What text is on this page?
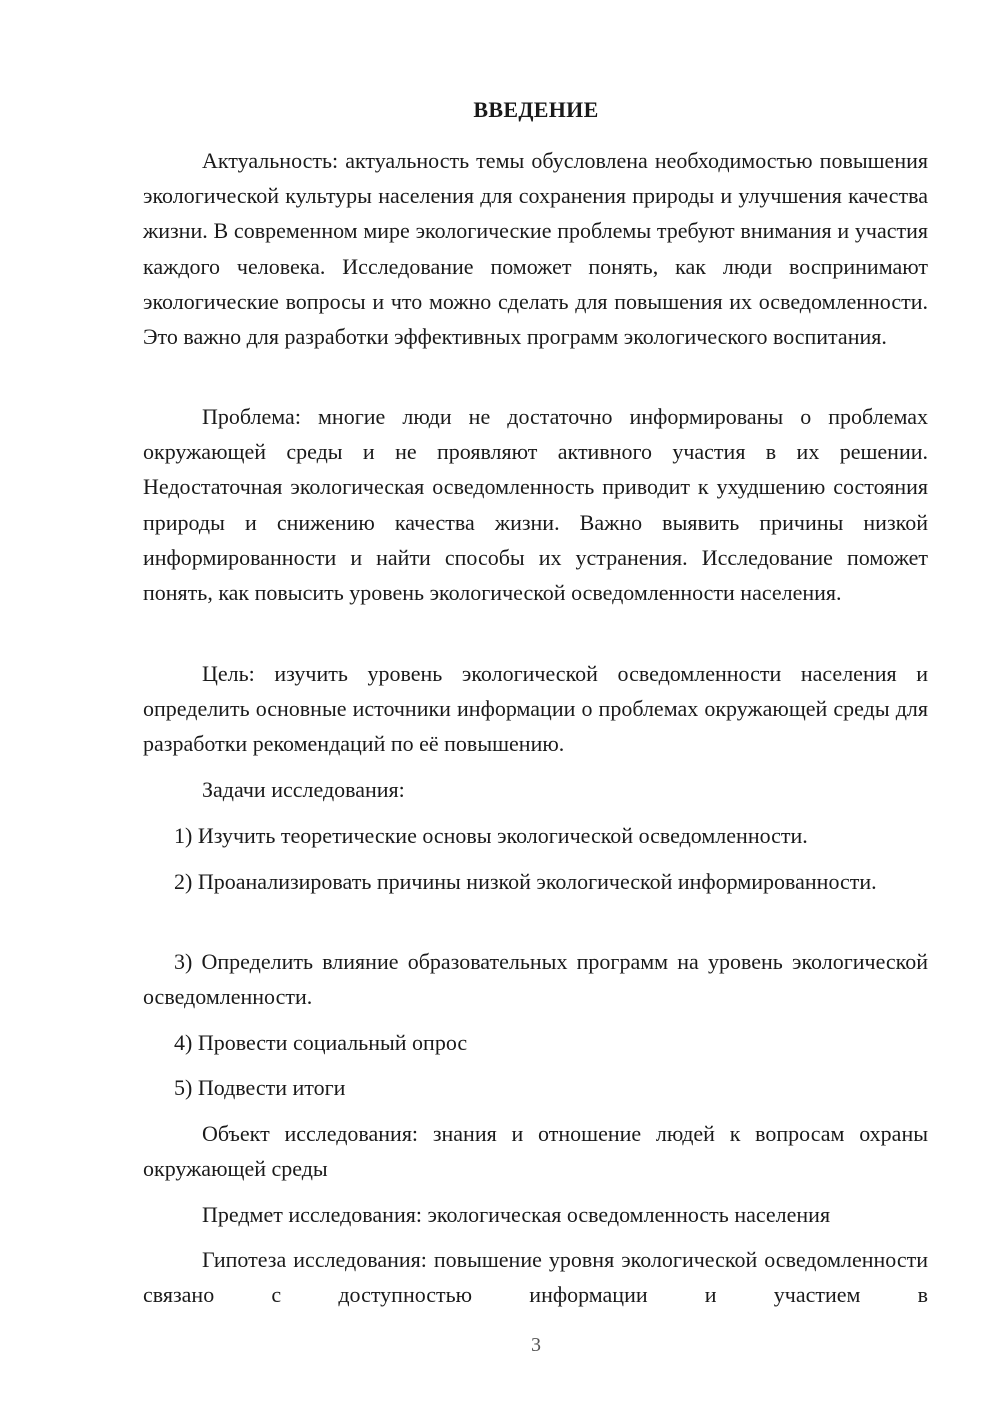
ВВЕДЕНИЕ

Актуальность: актуальность темы обусловлена необходимостью повышения экологической культуры населения для сохранения природы и улучшения качества жизни. В современном мире экологические проблемы требуют внимания и участия каждого человека. Исследование поможет понять, как люди воспринимают экологические вопросы и что можно сделать для повышения их осведомленности. Это важно для разработки эффективных программ экологического воспитания.

Проблема: многие люди не достаточно информированы о проблемах окружающей среды и не проявляют активного участия в их решении. Недостаточная экологическая осведомленность приводит к ухудшению состояния природы и снижению качества жизни. Важно выявить причины низкой информированности и найти способы их устранения. Исследование поможет понять, как повысить уровень экологической осведомленности населения.

Цель: изучить уровень экологической осведомленности населения и определить основные источники информации о проблемах окружающей среды для разработки рекомендаций по её повышению.

Задачи исследования:

1) Изучить теоретические основы экологической осведомленности.

2) Проанализировать причины низкой экологической информированности.

3) Определить влияние образовательных программ на уровень экологической осведомленности.

4) Провести социальный опрос

5) Подвести итоги

Объект исследования: знания и отношение людей к вопросам охраны окружающей среды

Предмет исследования: экологическая осведомленность населения

Гипотеза исследования: повышение уровня экологической осведомленности связано с доступностью информации и участием в

3
